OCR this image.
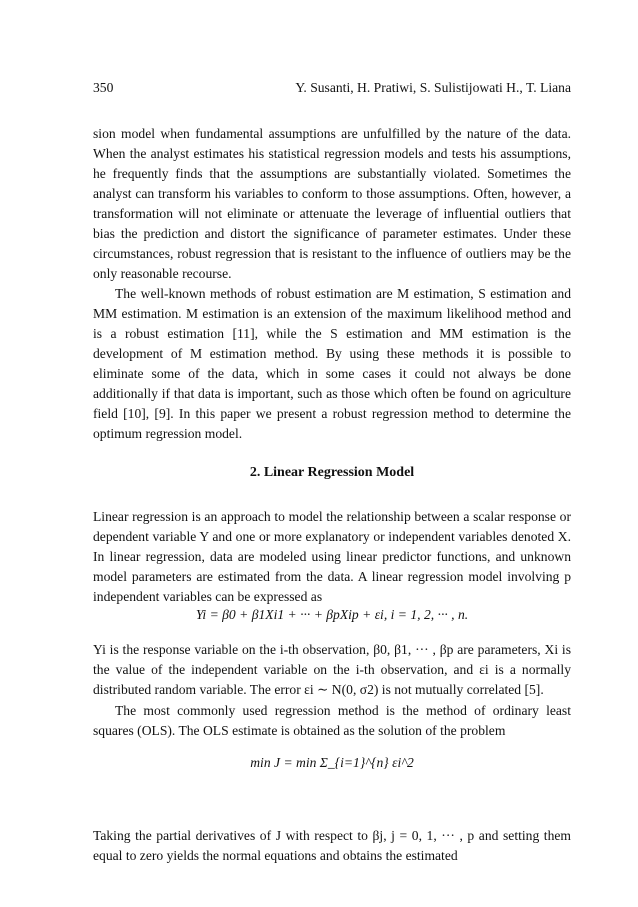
350	Y. Susanti, H. Pratiwi, S. Sulistijowati H., T. Liana

sion model when fundamental assumptions are unfulfilled by the nature of the data. When the analyst estimates his statistical regression models and tests his assumptions, he frequently finds that the assumptions are substantially violated. Sometimes the analyst can transform his variables to conform to those assumptions. Often, however, a transformation will not eliminate or attenuate the leverage of influential outliers that bias the prediction and distort the significance of parameter estimates. Under these circumstances, robust regression that is resistant to the influence of outliers may be the only reasonable recourse.

The well-known methods of robust estimation are M estimation, S estimation and MM estimation. M estimation is an extension of the maximum likelihood method and is a robust estimation [11], while the S estimation and MM estimation is the development of M estimation method. By using these methods it is possible to eliminate some of the data, which in some cases it could not always be done additionally if that data is important, such as those which often be found on agriculture field [10], [9]. In this paper we present a robust regression method to determine the optimum regression model.

2. Linear Regression Model
Linear regression is an approach to model the relationship between a scalar response or dependent variable Y and one or more explanatory or independent variables denoted X. In linear regression, data are modeled using linear predictor functions, and unknown model parameters are estimated from the data. A linear regression model involving p independent variables can be expressed as
Yi = β0 + β1Xi1 + ··· + βpXip + εi, i = 1, 2, ··· , n.
Yi is the response variable on the i-th observation, β0, β1, ··· , βp are parameters, Xi is the value of the independent variable on the i-th observation, and εi is a normally distributed random variable. The error εi ∼ N(0, σ2) is not mutually correlated [5].
The most commonly used regression method is the method of ordinary least squares (OLS). The OLS estimate is obtained as the solution of the problem
min J = min Σ_{i=1}^{n} εi^2
Taking the partial derivatives of J with respect to βj, j = 0, 1, ··· , p and setting them equal to zero yields the normal equations and obtains the estimated
